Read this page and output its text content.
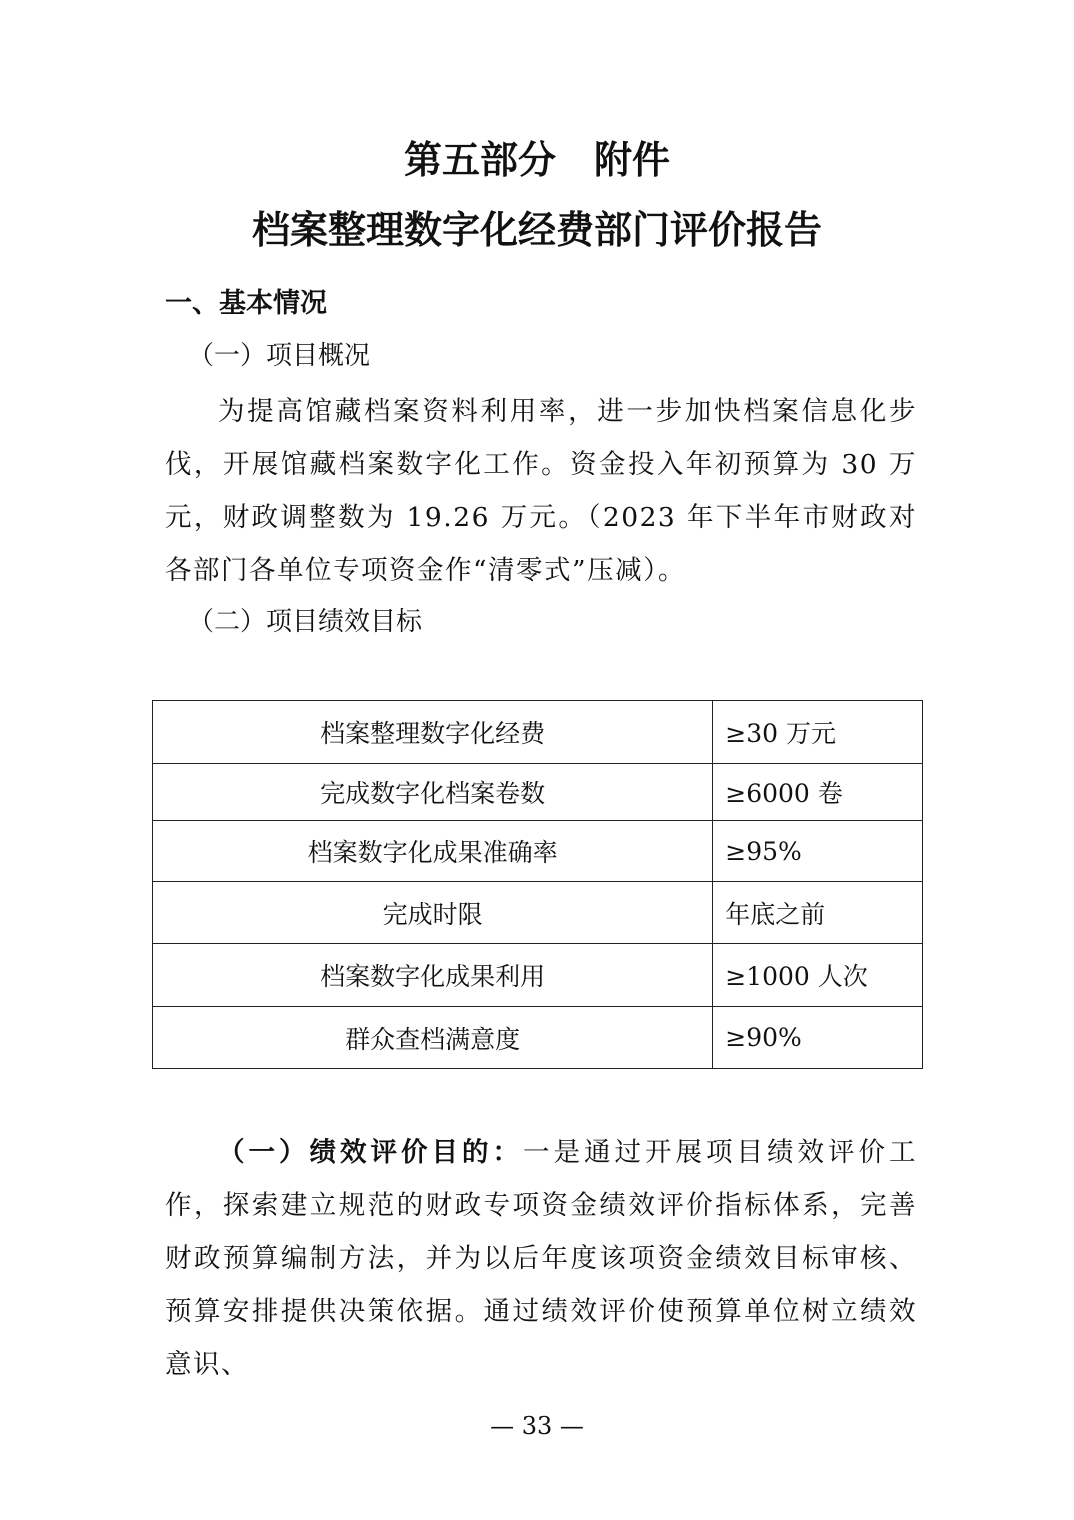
第五部分　附件
档案整理数字化经费部门评价报告
一、基本情况
（一）项目概况

为提高馆藏档案资料利用率，进一步加快档案信息化步伐，开展馆藏档案数字化工作。资金投入年初预算为 30 万元，财政调整数为 19.26 万元。（2023 年下半年市财政对各部门各单位专项资金作“清零式”压减）。

（二）项目绩效目标
档案整理数字化经费	≥30 万元
完成数字化档案卷数	≥6000 卷
档案数字化成果准确率	≥95%
完成时限	年底之前
档案数字化成果利用	≥1000 人次
群众查档满意度	≥90%

（一）绩效评价目的：一是通过开展项目绩效评价工作，探索建立规范的财政专项资金绩效评价指标体系，完善财政预算编制方法，并为以后年度该项资金绩效目标审核、预算安排提供决策依据。通过绩效评价使预算单位树立绩效意识、

— 33 —
